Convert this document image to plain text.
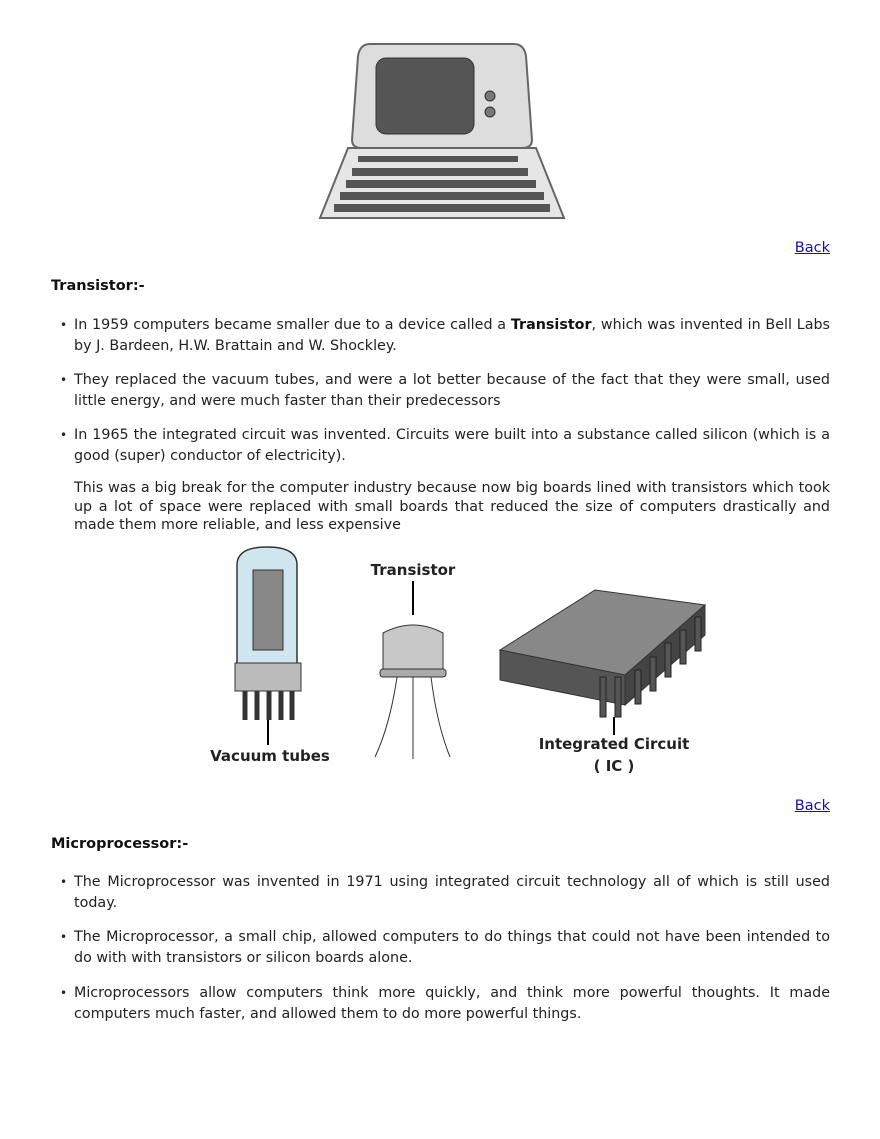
Back
Transistor:-
• In 1959 computers became smaller due to a device called a Transistor, which was invented in Bell Labs by J. Bardeen, H.W. Brattain and W. Shockley.
• They replaced the vacuum tubes, and were a lot better because of the fact that they were small, used little energy, and were much faster than their predecessors
• In 1965 the integrated circuit was invented. Circuits were built into a substance called silicon (which is a good (super) conductor of electricity).
This was a big break for the computer industry because now big boards lined with transistors which took up a lot of space were replaced with small boards that reduced the size of computers drastically and made them more reliable, and less expensive
Vacuum tubes
Transistor
Integrated Circuit
( IC )
Back
Microprocessor:-
• The Microprocessor was invented in 1971 using integrated circuit technology all of which is still used today.
• The Microprocessor, a small chip, allowed computers to do things that could not have been intended to do with with transistors or silicon boards alone.
• Microprocessors allow computers think more quickly, and think more powerful thoughts. It made computers much faster, and allowed them to do more powerful things.
